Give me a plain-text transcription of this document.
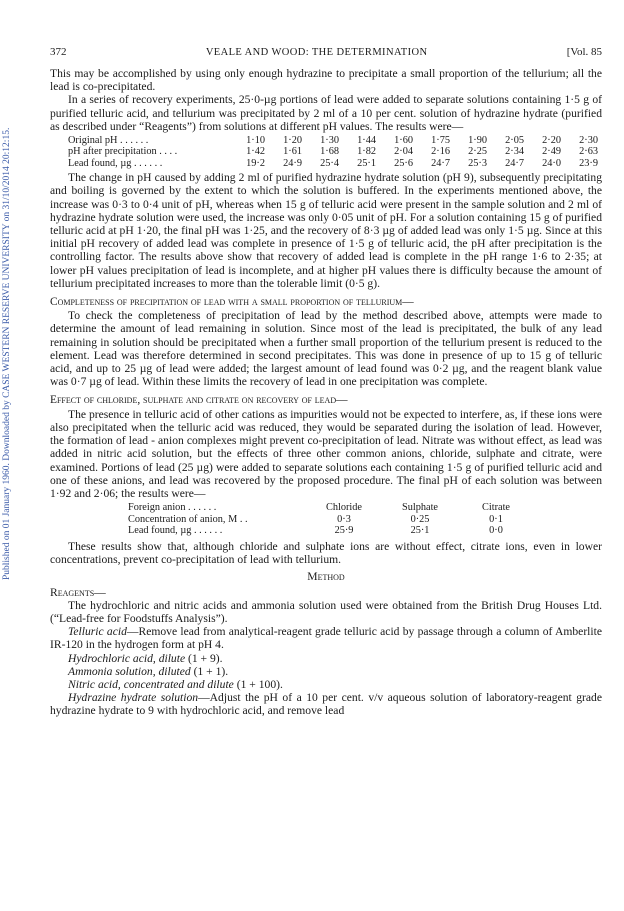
Published on 01 January 1960. Downloaded by CASE WESTERN RESERVE UNIVERSITY on 31/10/2014 20:12:15.
372	VEALE AND WOOD: THE DETERMINATION	[Vol. 85

This may be accomplished by using only enough hydrazine to precipitate a small proportion of the tellurium; all the lead is co-precipitated.

In a series of recovery experiments, 25·0-µg portions of lead were added to separate solutions containing 1·5 g of purified telluric acid, and tellurium was precipitated by 2 ml of a 10 per cent. solution of hydrazine hydrate (purified as described under “Reagents”) from solutions at different pH values. The results were—

Original pH . . . . . .	1·10	1·20	1·30	1·44	1·60	1·75	1·90	2·05	2·20	2·30
pH after precipitation . . . .	1·42	1·61	1·68	1·82	2·04	2·16	2·25	2·34	2·49	2·63
Lead found, µg . . . . . .	19·2	24·9	25·4	25·1	25·6	24·7	25·3	24·7	24·0	23·9

The change in pH caused by adding 2 ml of purified hydrazine hydrate solution (pH 9), subsequently precipitating and boiling is governed by the extent to which the solution is buffered. In the experiments mentioned above, the increase was 0·3 to 0·4 unit of pH, whereas when 15 g of telluric acid were present in the sample solution and 2 ml of hydrazine hydrate solution were used, the increase was only 0·05 unit of pH. For a solution containing 15 g of purified telluric acid at pH 1·20, the final pH was 1·25, and the recovery of 8·3 µg of added lead was only 1·5 µg. Since at this initial pH recovery of added lead was complete in presence of 1·5 g of telluric acid, the pH after precipitation is the controlling factor. The results above show that recovery of added lead is complete in the pH range 1·6 to 2·35; at lower pH values precipitation of lead is incomplete, and at higher pH values there is difficulty because the amount of tellurium precipitated increases to more than the tolerable limit (0·5 g).

Completeness of precipitation of lead with a small proportion of tellurium—

To check the completeness of precipitation of lead by the method described above, attempts were made to determine the amount of lead remaining in solution. Since most of the lead is precipitated, the bulk of any lead remaining in solution should be precipitated when a further small proportion of the tellurium present is reduced to the element. Lead was therefore determined in second precipitates. This was done in presence of up to 15 g of telluric acid, and up to 25 µg of lead were added; the largest amount of lead found was 0·2 µg, and the reagent blank value was 0·7 µg of lead. Within these limits the recovery of lead in one precipitation was complete.

Effect of chloride, sulphate and citrate on recovery of lead—

The presence in telluric acid of other cations as impurities would not be expected to interfere, as, if these ions were also precipitated when the telluric acid was reduced, they would be separated during the isolation of lead. However, the formation of lead - anion complexes might prevent co-precipitation of lead. Nitrate was without effect, as lead was added in nitric acid solution, but the effects of three other common anions, chloride, sulphate and citrate, were examined. Portions of lead (25 µg) were added to separate solutions each containing 1·5 g of purified telluric acid and one of these anions, and lead was recovered by the proposed procedure. The final pH of each solution was between 1·92 and 2·06; the results were—

Foreign anion . . . . . .	Chloride	Sulphate	Citrate
Concentration of anion, M . .	0·3	0·25	0·1
Lead found, µg . . . . . .	25·9	25·1	0·0

These results show that, although chloride and sulphate ions are without effect, citrate ions, even in lower concentrations, prevent co-precipitation of lead with tellurium.

Method
Reagents—

The hydrochloric and nitric acids and ammonia solution used were obtained from the British Drug Houses Ltd. (“Lead-free for Foodstuffs Analysis”).

Telluric acid—Remove lead from analytical-reagent grade telluric acid by passage through a column of Amberlite IR-120 in the hydrogen form at pH 4.

Hydrochloric acid, dilute (1 + 9).

Ammonia solution, diluted (1 + 1).

Nitric acid, concentrated and dilute (1 + 100).

Hydrazine hydrate solution—Adjust the pH of a 10 per cent. v/v aqueous solution of laboratory-reagent grade hydrazine hydrate to 9 with hydrochloric acid, and remove lead
